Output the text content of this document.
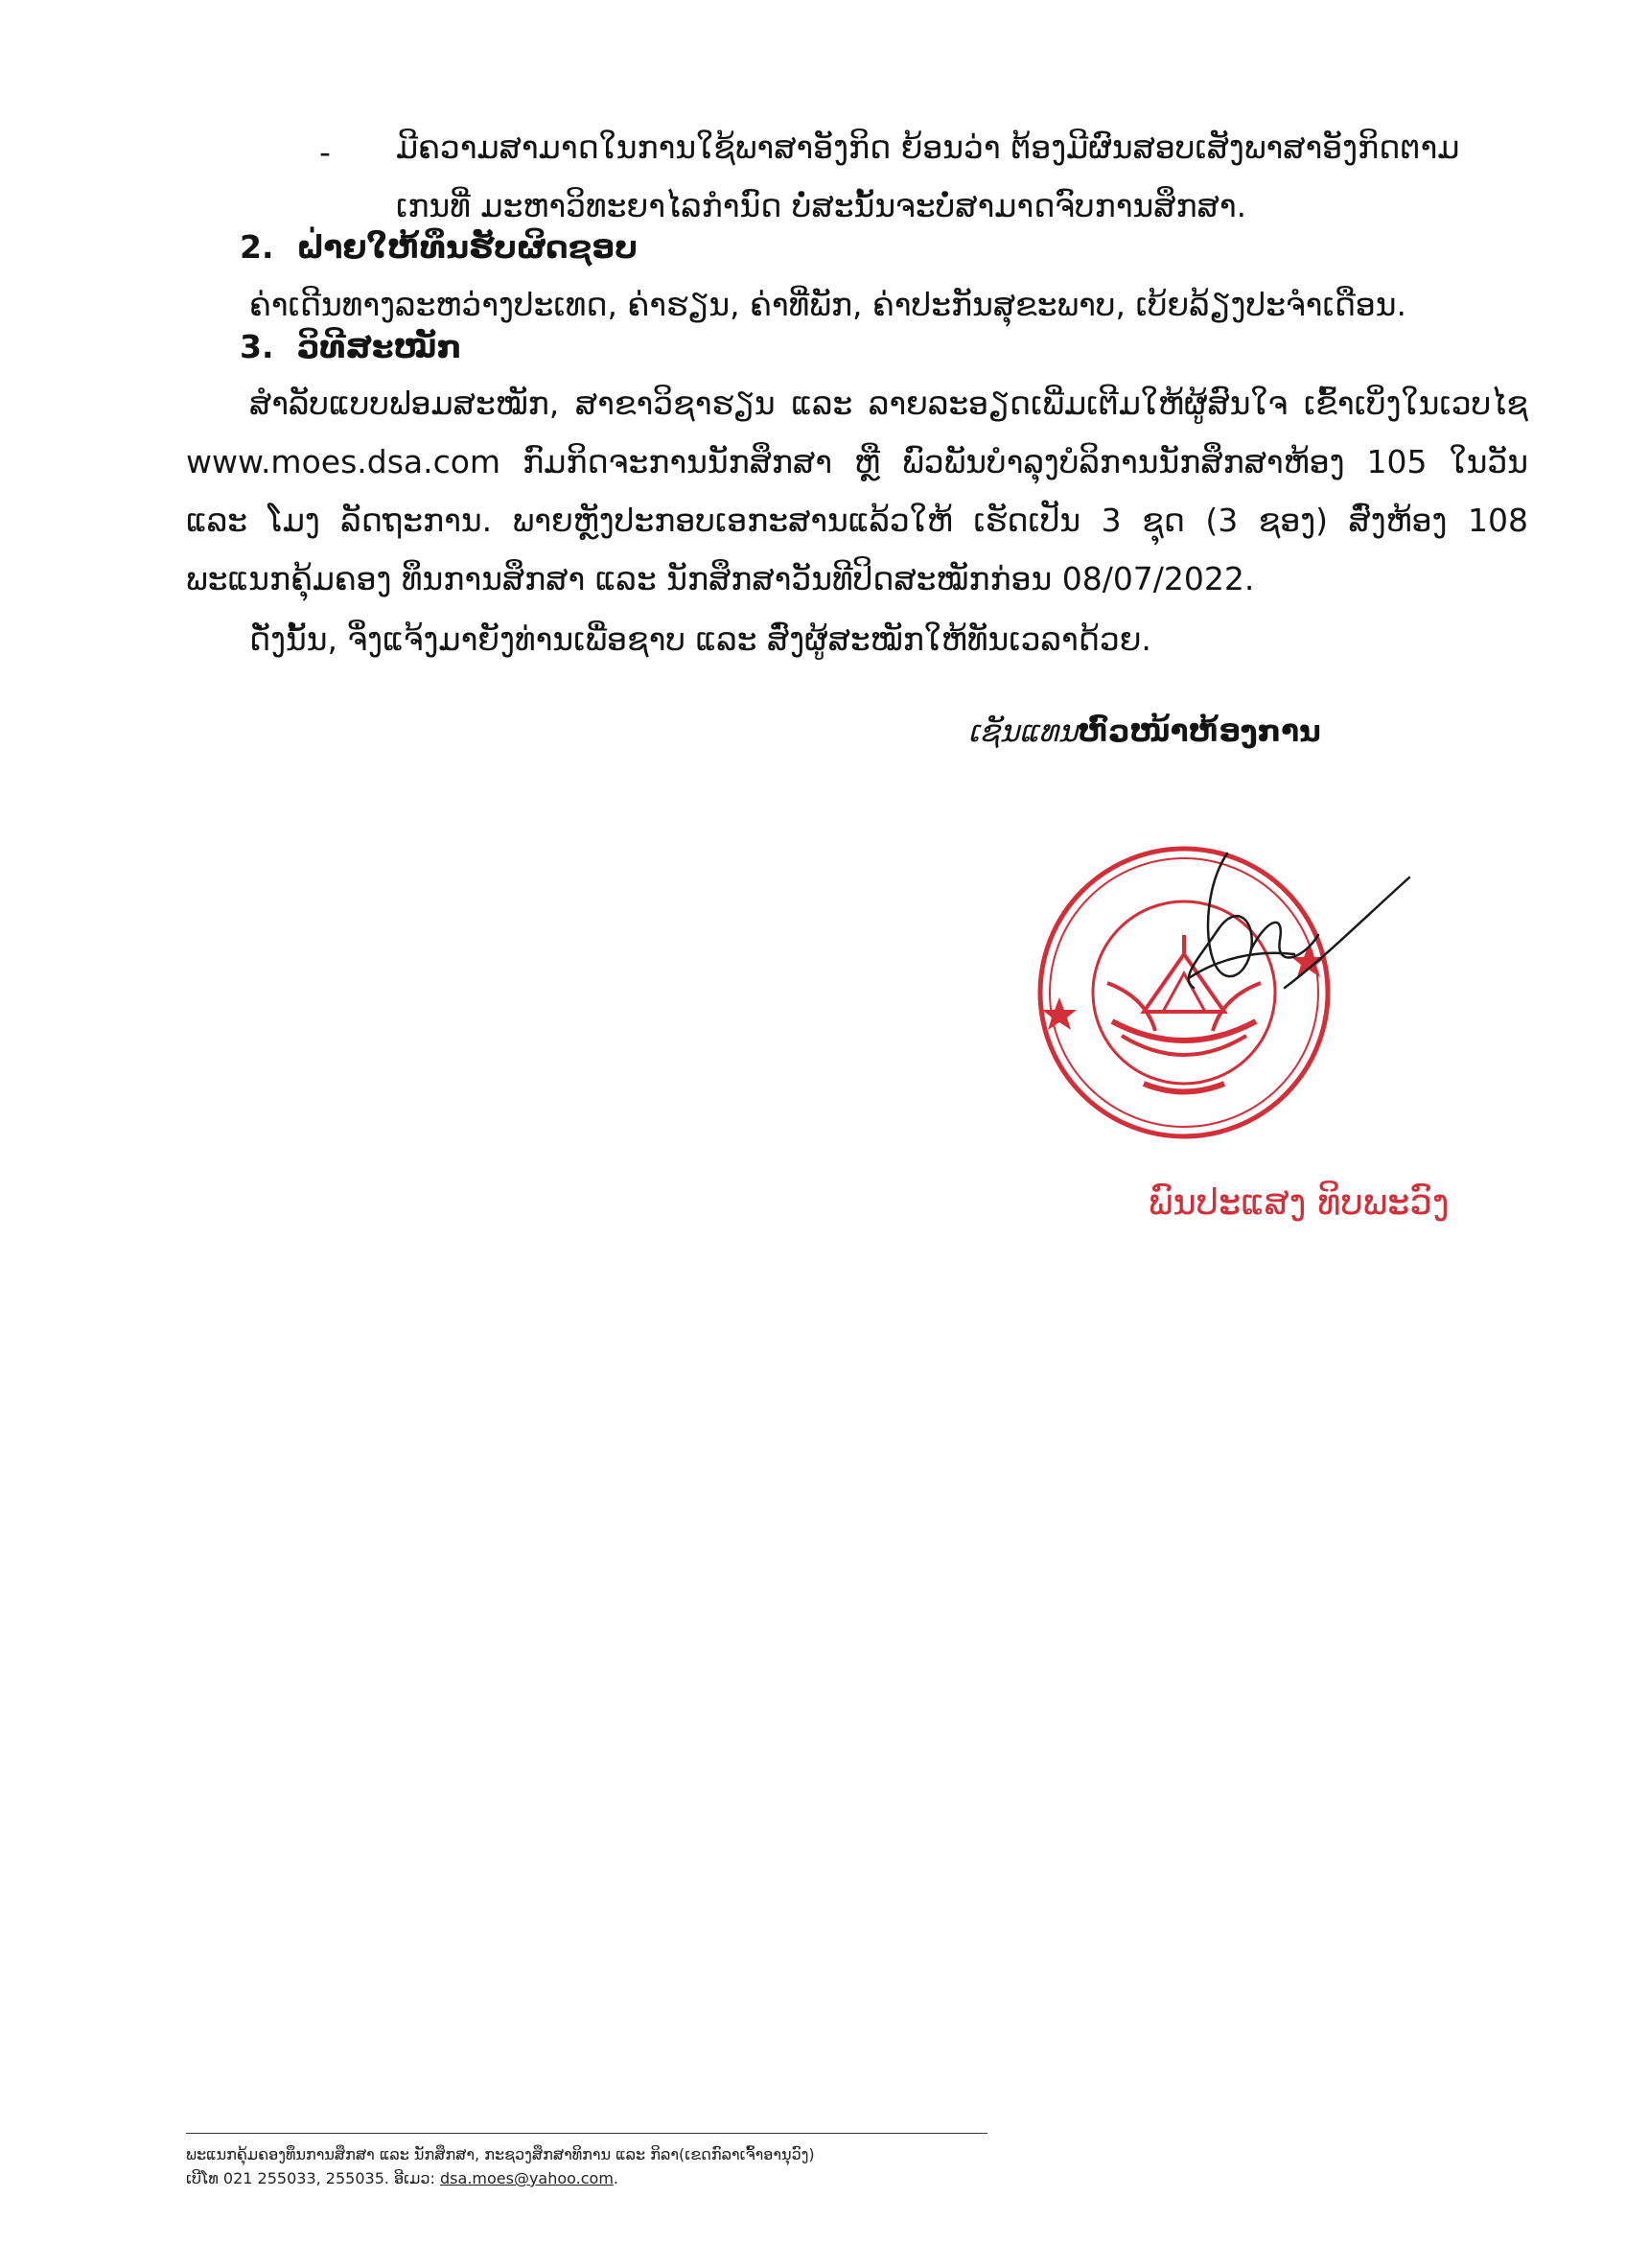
- ມີຄວາມສາມາດໃນການໃຊ້ພາສາອັງກິດ ຍ້ອນວ່າ ຕ້ອງມີຜົນສອບເສັງພາສາອັງກິດຕາມເກນທີ່ ມະຫາວິທະຍາໄລກຳນົດ ບໍ່ສະນັ້ນຈະບໍ່ສາມາດຈົບການສຶກສາ.
2. ຝ່າຍໃຫ້ທຶນຮັບຜິດຊອບ
ຄ່າເດີນທາງລະຫວ່າງປະເທດ, ຄ່າຮຽນ, ຄ່າທີ່ພັກ, ຄ່າປະກັນສຸຂະພາບ, ເບ້ຍລ້ຽງປະຈຳເດືອນ.
3. ວິທີສະໝັກ
ສຳລັບແບບຟອມສະໝັກ, ສາຂາວິຊາຮຽນ ແລະ ລາຍລະອຽດເພີ່ມເຕີມໃຫ້ຜູ້ສົນໃຈ ເຂົ້າເບິ່ງໃນເວບໄຊ www.moes.dsa.com ກົມກິດຈະການນັກສຶກສາ ຫຼື ພົວພັນບໍາລຸງບໍລິການນັກສຶກສາຫ້ອງ 105 ໃນວັນ ແລະ ໂມງ ລັດຖະການ. ພາຍຫຼັງປະກອບເອກະສານແລ້ວໃຫ້ ເຮັດເປັນ 3 ຊຸດ (3 ຊອງ) ສົ່ງຫ້ອງ 108 ພະແນກຄຸ້ມຄອງ ທຶນການສຶກສາ ແລະ ນັກສຶກສາວັນທີປິດສະໝັກກ່ອນ 08/07/2022.
ດັ່ງນັ້ນ, ຈຶ່ງແຈ້ງມາຍັງທ່ານເພື່ອຊາບ ແລະ ສົ່ງຜູ້ສະໝັກໃຫ້ທັນເວລາດ້ວຍ.
ເຊັນແທນຫົວໜ້າຫ້ອງການ
ພົນປະແສງ ທິບພະວົງ
ພະແນກຄຸ້ມຄອງທຶນການສຶກສາ ແລະ ນັກສຶກສາ, ກະຊວງສຶກສາທິການ ແລະ ກິລາ(ເຂດກົລາເຈົ້າອານຸວົງ)
ເບີໂທ 021 255033, 255035. ອີເມວ: dsa.moes@yahoo.com.
